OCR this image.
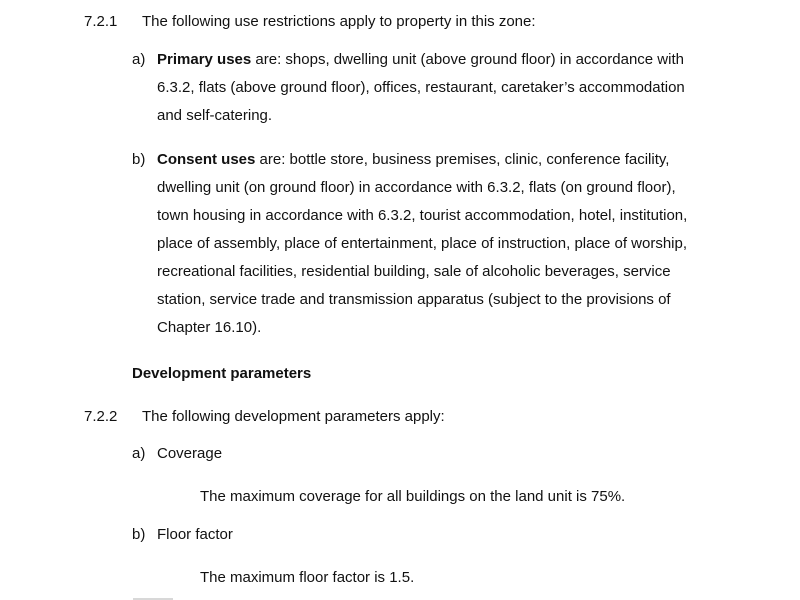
7.2.1 The following use restrictions apply to property in this zone:
a) Primary uses are: shops, dwelling unit (above ground floor) in accordance with
6.3.2, flats (above ground floor), offices, restaurant, caretaker’s accommodation
and self-catering.
b) Consent uses are: bottle store, business premises, clinic, conference facility,
dwelling unit (on ground floor) in accordance with 6.3.2, flats (on ground floor),
town housing in accordance with 6.3.2, tourist accommodation, hotel, institution,
place of assembly, place of entertainment, place of instruction, place of worship,
recreational facilities, residential building, sale of alcoholic beverages, service
station, service trade and transmission apparatus (subject to the provisions of
Chapter 16.10).
Development parameters
7.2.2 The following development parameters apply:
a) Coverage
The maximum coverage for all buildings on the land unit is 75%.
b) Floor factor
The maximum floor factor is 1.5.
